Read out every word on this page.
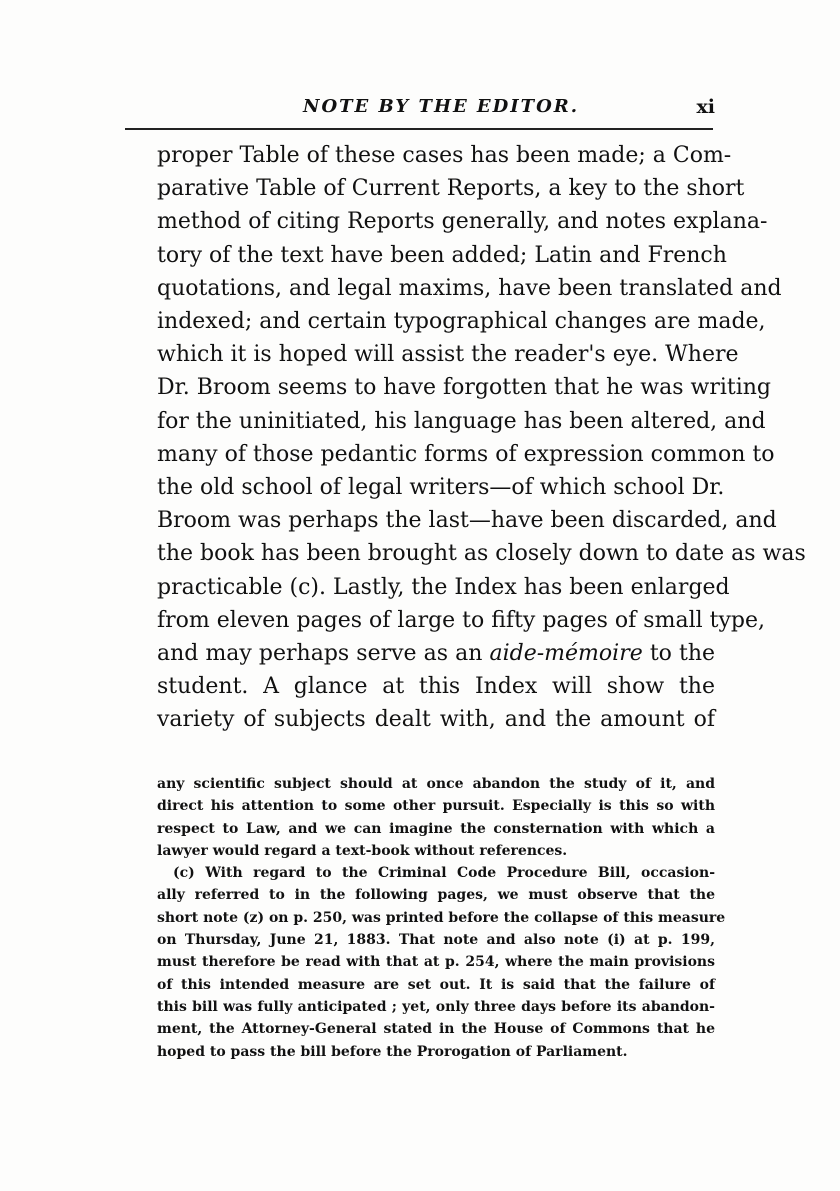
NOTE BY THE EDITOR.	xi
proper Table of these cases has been made; a Com-
parative Table of Current Reports, a key to the short
method of citing Reports generally, and notes explana-
tory of the text have been added; Latin and French
quotations, and legal maxims, have been translated and
indexed; and certain typographical changes are made,
which it is hoped will assist the reader's eye. Where
Dr. Broom seems to have forgotten that he was writing
for the uninitiated, his language has been altered, and
many of those pedantic forms of expression common to
the old school of legal writers—of which school Dr.
Broom was perhaps the last—have been discarded, and
the book has been brought as closely down to date as was
practicable (c). Lastly, the Index has been enlarged
from eleven pages of large to fifty pages of small type,
and may perhaps serve as an aide-mémoire to the
student. A glance at this Index will show the
variety of subjects dealt with, and the amount of
any scientific subject should at once abandon the study of it, and
direct his attention to some other pursuit. Especially is this so with
respect to Law, and we can imagine the consternation with which a
lawyer would regard a text-book without references.
(c) With regard to the Criminal Code Procedure Bill, occasion-
ally referred to in the following pages, we must observe that the
short note (z) on p. 250, was printed before the collapse of this measure
on Thursday, June 21, 1883. That note and also note (i) at p. 199,
must therefore be read with that at p. 254, where the main provisions
of this intended measure are set out. It is said that the failure of
this bill was fully anticipated ; yet, only three days before its abandon-
ment, the Attorney-General stated in the House of Commons that he
hoped to pass the bill before the Prorogation of Parliament.
